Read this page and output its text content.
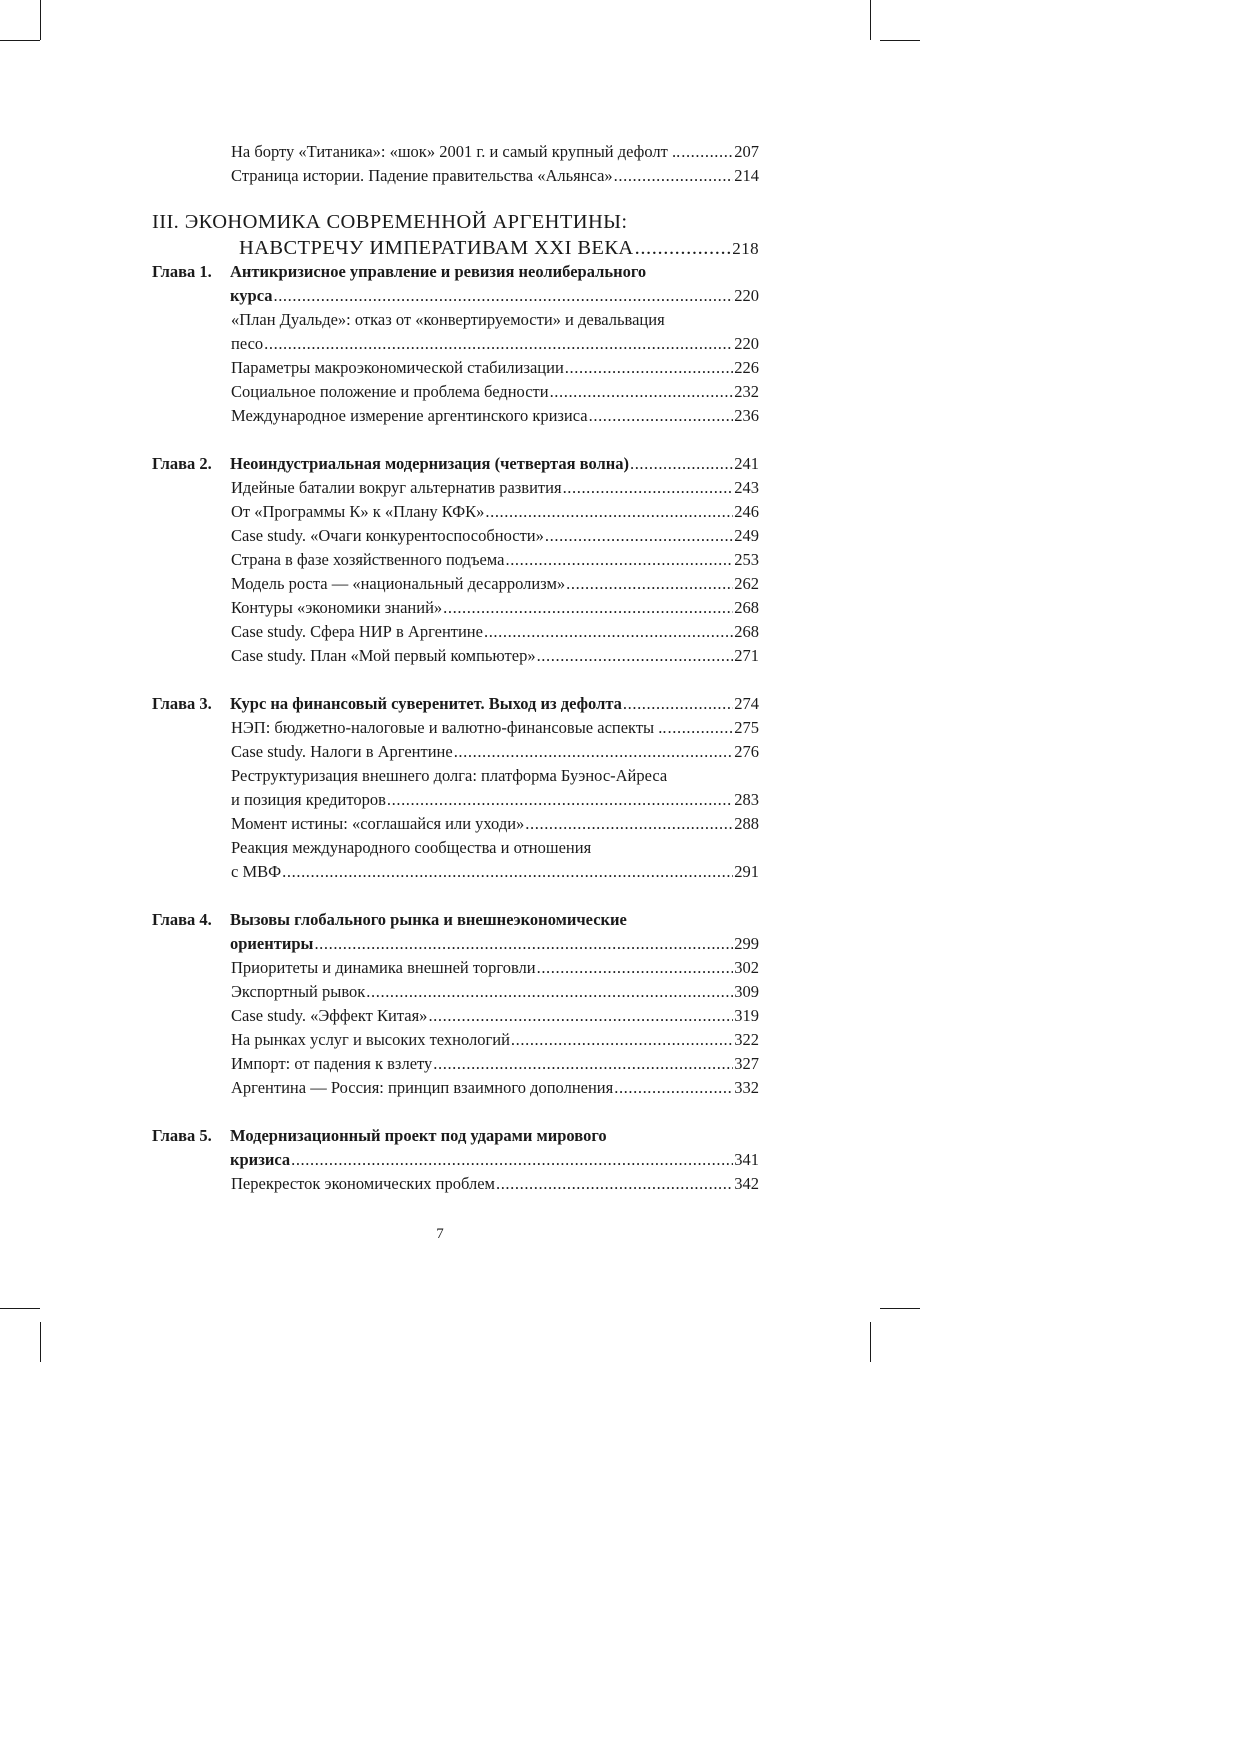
На борту «Титаника»: «шок» 2001 г. и самый крупный дефолт .. .....	207
Страница истории. Падение правительства «Альянса» .....	214
III. ЭКОНОМИКА СОВРЕМЕННОЙ АРГЕНТИНЫ:
НАВСТРЕЧУ ИМПЕРАТИВАМ XXI ВЕКА .....	218
Глава 1. Антикризисное управление и ревизия неолиберального
курса .....	220
«План Дуальде»: отказ от «конвертируемости» и девальвация
песо .....	220
Параметры макроэкономической стабилизации .....	226
Социальное положение и проблема бедности .....	232
Международное измерение аргентинского кризиса .....	236
Глава 2. Неоиндустриальная модернизация (четвертая волна) .....	241
Идейные баталии вокруг альтернатив развития .....	243
От «Программы К» к «Плану КФК» .....	246
Case study. «Очаги конкурентоспособности» .....	249
Страна в фазе хозяйственного подъема .....	253
Модель роста — «национальный десарролизм» .....	262
Контуры «экономики знаний» .....	268
Case study. Сфера НИР в Аргентине .....	268
Case study. План «Мой первый компьютер» .....	271
Глава 3. Курс на финансовый суверенитет. Выход из дефолта .....	274
НЭП: бюджетно-налоговые и валютно-финансовые аспекты .. .....	275
Case study. Налоги в Аргентине .....	276
Реструктуризация внешнего долга: платформа Буэнос-Айреса
и позиция кредиторов .....	283
Момент истины: «соглашайся или уходи» .....	288
Реакция международного сообщества и отношения
с МВФ .....	291
Глава 4. Вызовы глобального рынка и внешнеэкономические
ориентиры .....	299
Приоритеты и динамика внешней торговли .....	302
Экспортный рывок .....	309
Case study. «Эффект Китая» .....	319
На рынках услуг и высоких технологий .....	322
Импорт: от падения к взлету .....	327
Аргентина — Россия: принцип взаимного дополнения .....	332
Глава 5. Модернизационный проект под ударами мирового
кризиса .....	341
Перекресток экономических проблем .....	342
7
